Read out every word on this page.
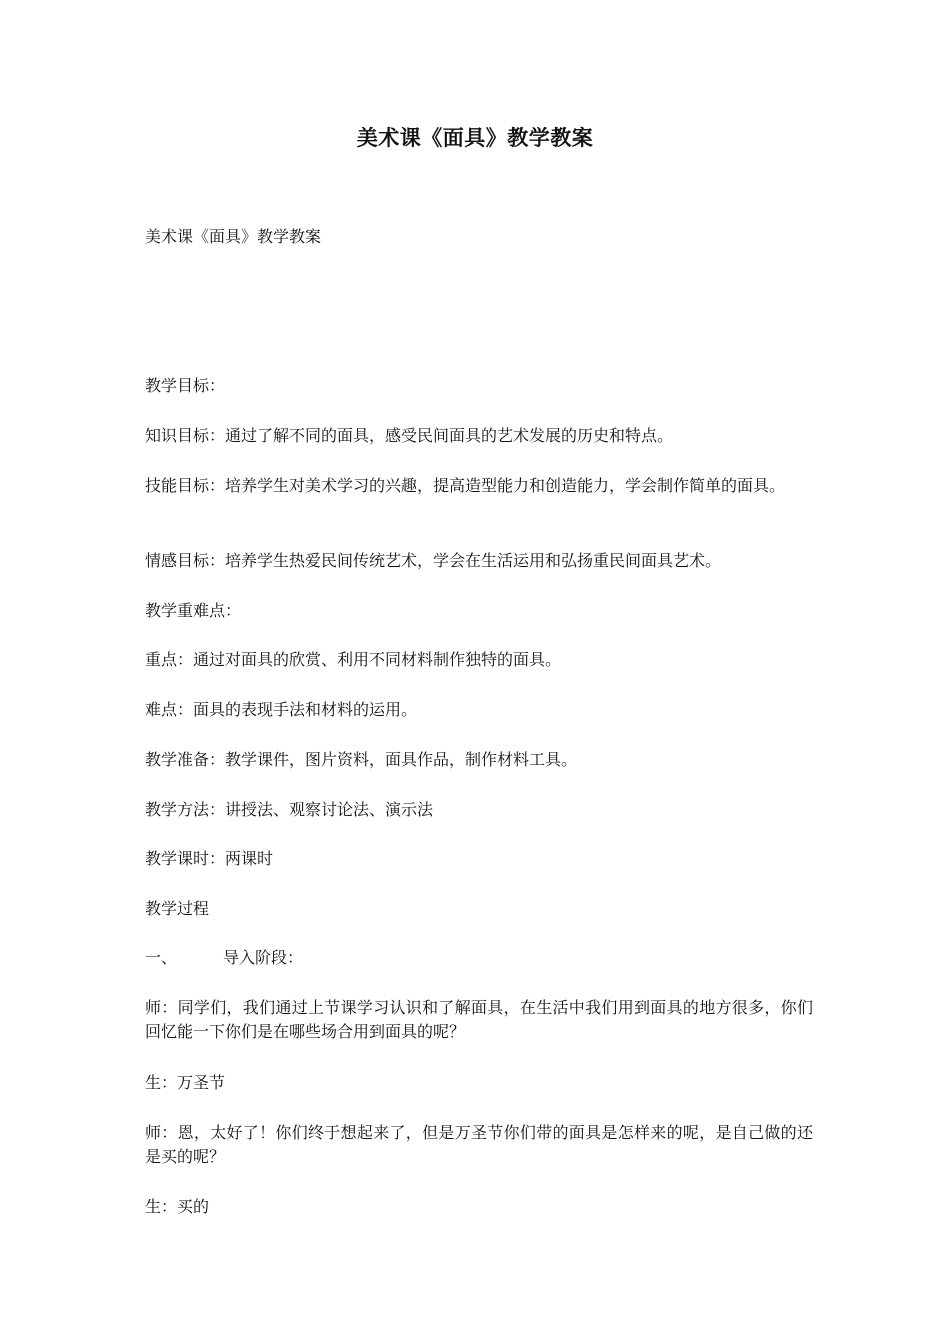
美术课《面具》教学教案

美术课《面具》教学教案

教学目标：

知识目标：通过了解不同的面具，感受民间面具的艺术发展的历史和特点。

技能目标：培养学生对美术学习的兴趣，提高造型能力和创造能力，学会制作简单的面具。

情感目标：培养学生热爱民间传统艺术，学会在生活运用和弘扬重民间面具艺术。

教学重难点：

重点：通过对面具的欣赏、利用不同材料制作独特的面具。

难点：面具的表现手法和材料的运用。

教学准备：教学课件，图片资料，面具作品，制作材料工具。

教学方法：讲授法、观察讨论法、演示法

教学课时：两课时

教学过程

一、	导入阶段：

师：同学们，我们通过上节课学习认识和了解面具，在生活中我们用到面具的地方很多，你们回忆能一下你们是在哪些场合用到面具的呢？

生：万圣节

师：恩，太好了！你们终于想起来了，但是万圣节你们带的面具是怎样来的呢，是自己做的还是买的呢？

生：买的
